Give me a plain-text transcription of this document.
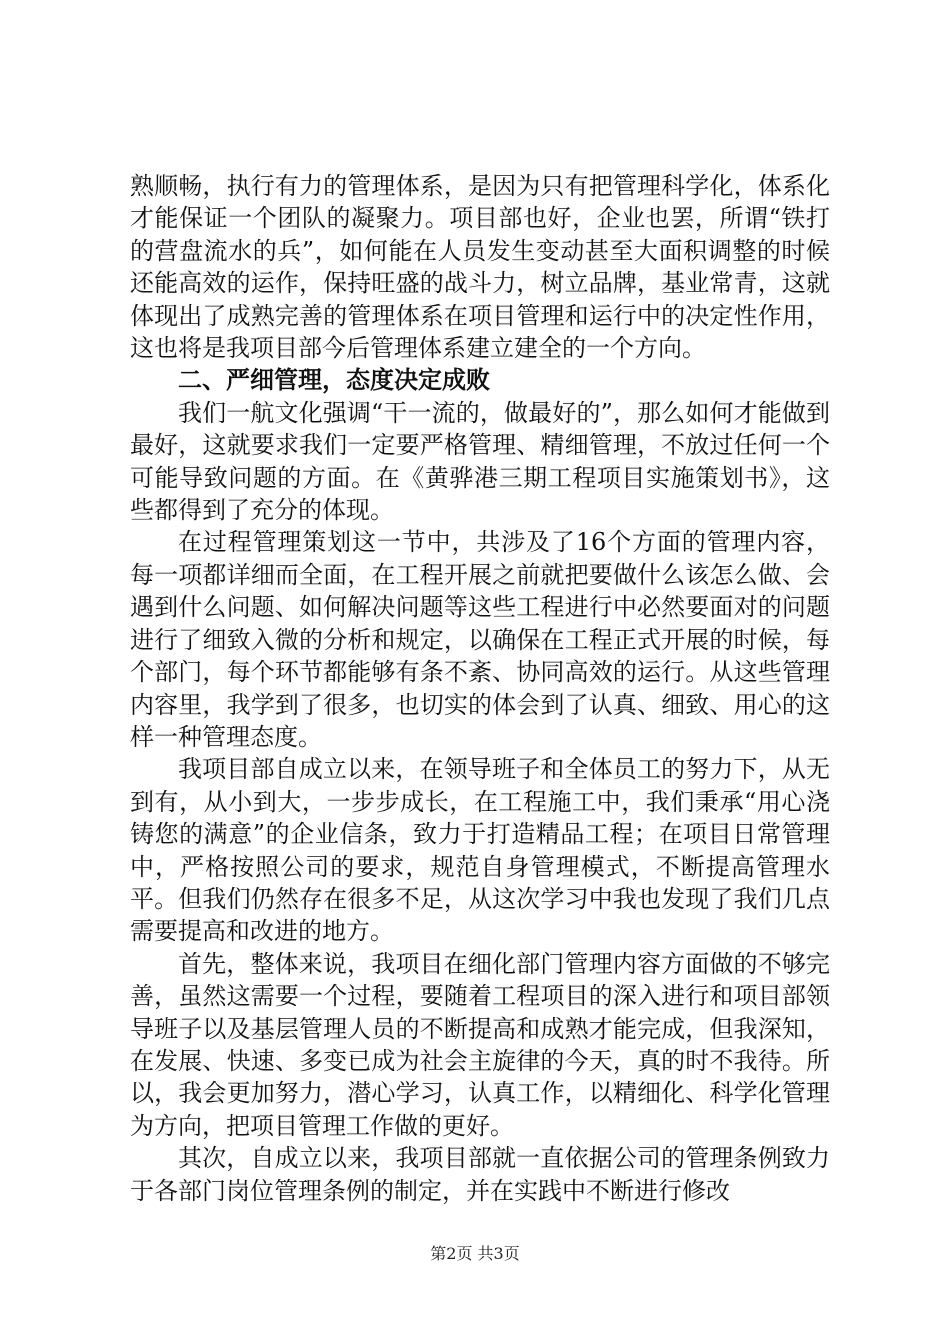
熟顺畅，执行有力的管理体系，是因为只有把管理科学化，体系化才能保证一个团队的凝聚力。项目部也好，企业也罢，所谓“铁打的营盘流水的兵”，如何能在人员发生变动甚至大面积调整的时候还能高效的运作，保持旺盛的战斗力，树立品牌，基业常青，这就体现出了成熟完善的管理体系在项目管理和运行中的决定性作用，这也将是我项目部今后管理体系建立建全的一个方向。

二、严细管理，态度决定成败

我们一航文化强调“干一流的，做最好的”，那么如何才能做到最好，这就要求我们一定要严格管理、精细管理，不放过任何一个可能导致问题的方面。在《黄骅港三期工程项目实施策划书》，这些都得到了充分的体现。

在过程管理策划这一节中，共涉及了16个方面的管理内容，每一项都详细而全面，在工程开展之前就把要做什么该怎么做、会遇到什么问题、如何解决问题等这些工程进行中必然要面对的问题进行了细致入微的分析和规定，以确保在工程正式开展的时候，每个部门，每个环节都能够有条不紊、协同高效的运行。从这些管理内容里，我学到了很多，也切实的体会到了认真、细致、用心的这样一种管理态度。

我项目部自成立以来，在领导班子和全体员工的努力下，从无到有，从小到大，一步步成长，在工程施工中，我们秉承“用心浇铸您的满意”的企业信条，致力于打造精品工程；在项目日常管理中，严格按照公司的要求，规范自身管理模式，不断提高管理水平。但我们仍然存在很多不足，从这次学习中我也发现了我们几点需要提高和改进的地方。

首先，整体来说，我项目在细化部门管理内容方面做的不够完善，虽然这需要一个过程，要随着工程项目的深入进行和项目部领导班子以及基层管理人员的不断提高和成熟才能完成，但我深知，在发展、快速、多变已成为社会主旋律的今天，真的时不我待。所以，我会更加努力，潜心学习，认真工作，以精细化、科学化管理为方向，把项目管理工作做的更好。

其次，自成立以来，我项目部就一直依据公司的管理条例致力于各部门岗位管理条例的制定，并在实践中不断进行修改

第2页 共3页
